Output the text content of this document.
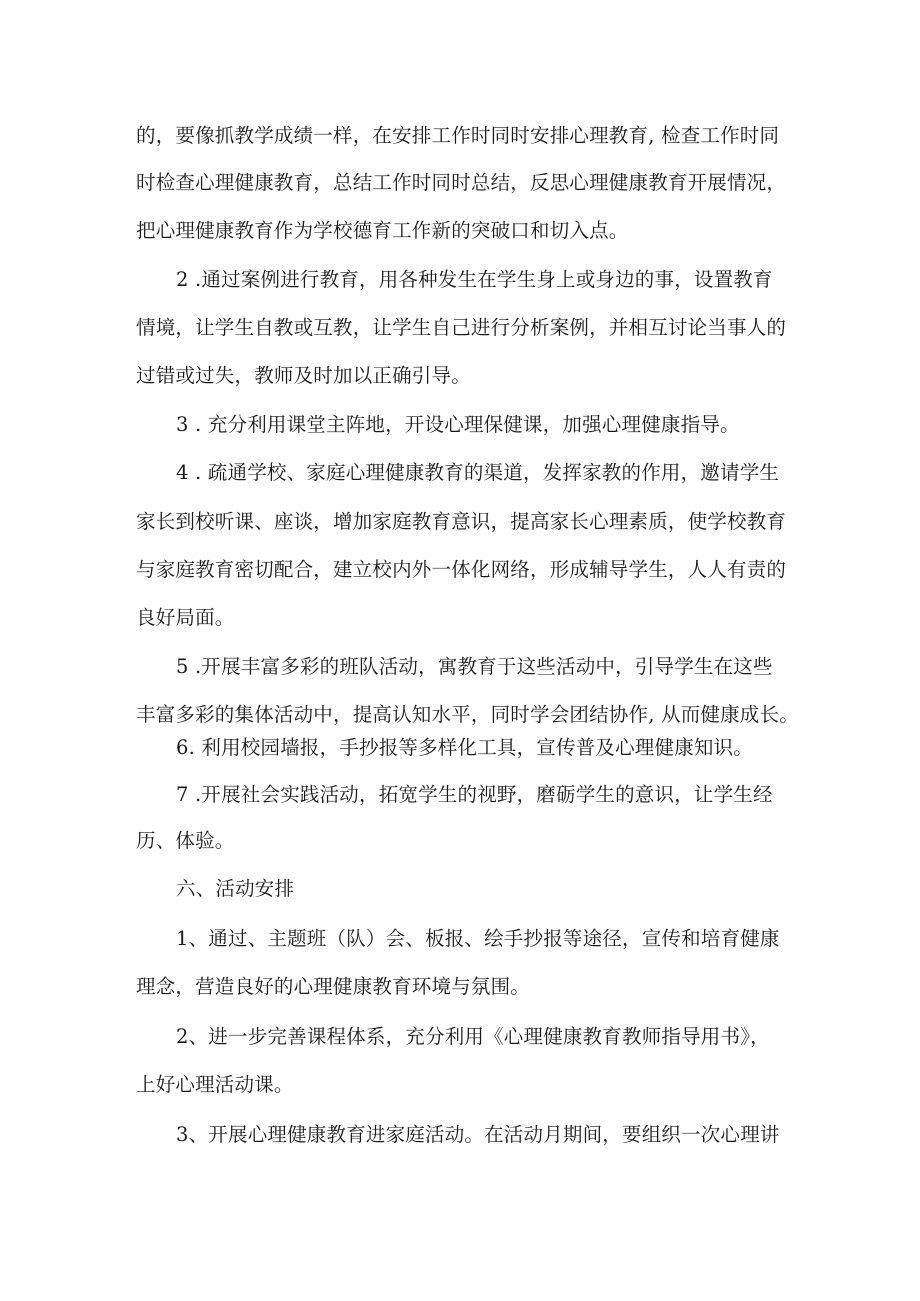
的，要像抓教学成绩一样，在安排工作时同时安排心理教育, 检查工作时同
时检查心理健康教育，总结工作时同时总结，反思心理健康教育开展情况，
把心理健康教育作为学校德育工作新的突破口和切入点。
2 .通过案例进行教育，用各种发生在学生身上或身边的事，设置教育
情境，让学生自教或互教，让学生自己进行分析案例，并相互讨论当事人的
过错或过失，教师及时加以正确引导。
3 . 充分利用课堂主阵地，开设心理保健课，加强心理健康指导。
4 . 疏通学校、家庭心理健康教育的渠道，发挥家教的作用，邀请学生
家长到校听课、座谈，增加家庭教育意识，提高家长心理素质，使学校教育
与家庭教育密切配合，建立校内外一体化网络，形成辅导学生，人人有责的
良好局面。
5 .开展丰富多彩的班队活动，寓教育于这些活动中，引导学生在这些
丰富多彩的集体活动中，提高认知水平，同时学会团结协作, 从而健康成长。
6. 利用校园墙报，手抄报等多样化工具，宣传普及心理健康知识。
7 .开展社会实践活动，拓宽学生的视野，磨砺学生的意识，让学生经
历、体验。
六、活动安排
1、通过、主题班（队）会、板报、绘手抄报等途径，宣传和培育健康
理念，营造良好的心理健康教育环境与氛围。
2、进一步完善课程体系，充分利用《心理健康教育教师指导用书》，
上好心理活动课。
3、开展心理健康教育进家庭活动。在活动月期间，要组织一次心理讲
